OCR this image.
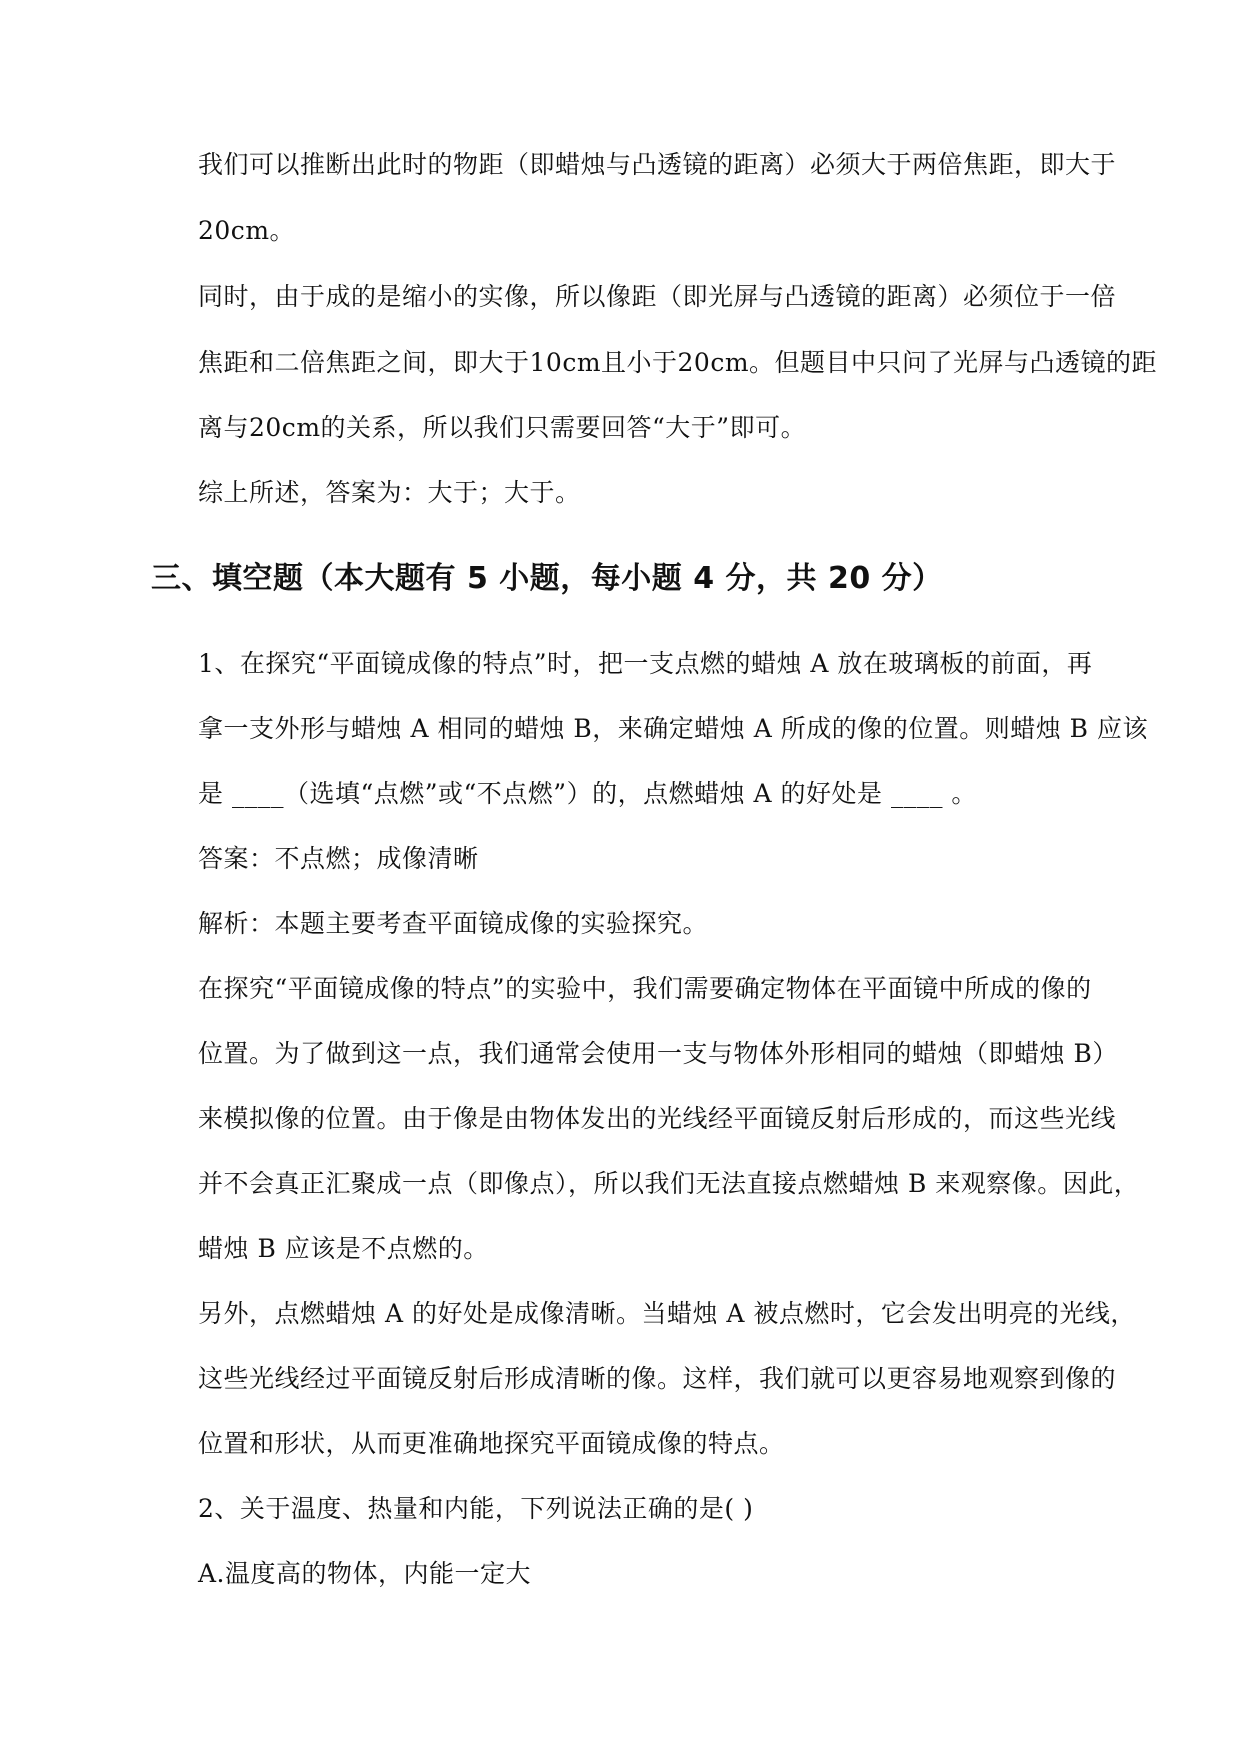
我们可以推断出此时的物距（即蜡烛与凸透镜的距离）必须大于两倍焦距，即大于
20cm。
同时，由于成的是缩小的实像，所以像距（即光屏与凸透镜的距离）必须位于一倍
焦距和二倍焦距之间，即大于10cm且小于20cm。但题目中只问了光屏与凸透镜的距
离与20cm的关系，所以我们只需要回答“大于”即可。
综上所述，答案为：大于；大于。
三、填空题（本大题有 5 小题，每小题 4 分，共 20 分）
1、在探究“平面镜成像的特点”时，把一支点燃的蜡烛 A 放在玻璃板的前面，再
拿一支外形与蜡烛 A 相同的蜡烛 B，来确定蜡烛 A 所成的像的位置。则蜡烛 B 应该
是 ____（选填“点燃”或“不点燃”）的，点燃蜡烛 A 的好处是 ____ 。
答案：不点燃；成像清晰
解析：本题主要考查平面镜成像的实验探究。
在探究“平面镜成像的特点”的实验中，我们需要确定物体在平面镜中所成的像的
位置。为了做到这一点，我们通常会使用一支与物体外形相同的蜡烛（即蜡烛 B）
来模拟像的位置。由于像是由物体发出的光线经平面镜反射后形成的，而这些光线
并不会真正汇聚成一点（即像点），所以我们无法直接点燃蜡烛 B 来观察像。因此，
蜡烛 B 应该是不点燃的。
另外，点燃蜡烛 A 的好处是成像清晰。当蜡烛 A 被点燃时，它会发出明亮的光线，
这些光线经过平面镜反射后形成清晰的像。这样，我们就可以更容易地观察到像的
位置和形状，从而更准确地探究平面镜成像的特点。
2、关于温度、热量和内能，下列说法正确的是( )
A.温度高的物体，内能一定大
